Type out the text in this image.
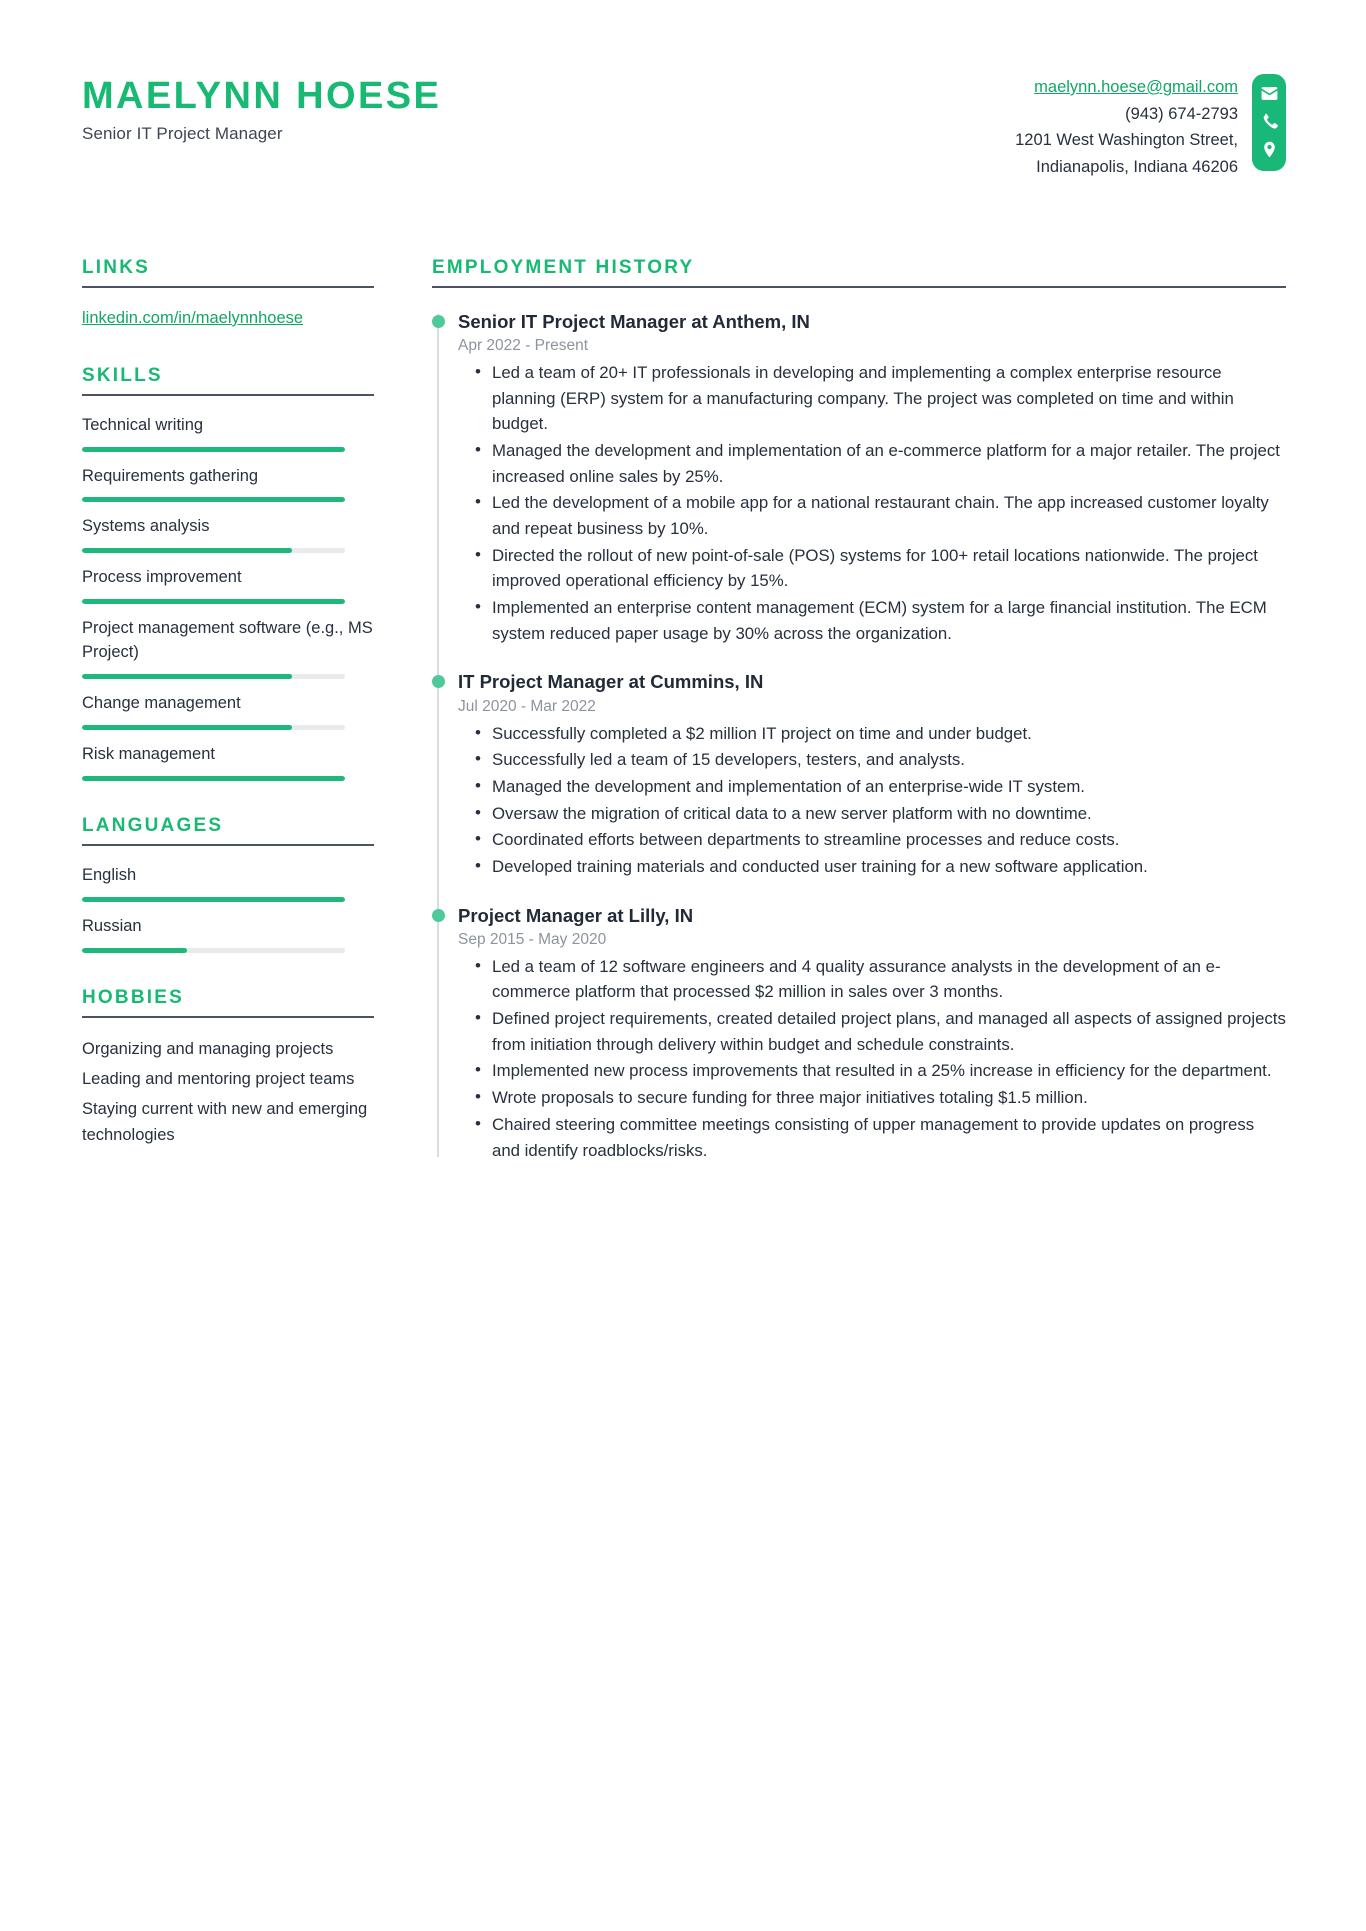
MAELYNN HOESE

Senior IT Project Manager

maelynn.hoese@gmail.com
(943) 674-2793
1201 West Washington Street,
Indianapolis, Indiana 46206
LINKS
linkedin.com/in/maelynnhoese
SKILLS
Technical writing
Requirements gathering
Systems analysis
Process improvement
Project management software (e.g., MS Project)
Change management
Risk management
LANGUAGES
English
Russian
HOBBIES
Organizing and managing projects
Leading and mentoring project teams
Staying current with new and emerging technologies
EMPLOYMENT HISTORY
Senior IT Project Manager at Anthem, IN

Apr 2022 - Present

• Led a team of 20+ IT professionals in developing and implementing a complex enterprise resource planning (ERP) system for a manufacturing company. The project was completed on time and within budget.
• Managed the development and implementation of an e-commerce platform for a major retailer. The project increased online sales by 25%.
• Led the development of a mobile app for a national restaurant chain. The app increased customer loyalty and repeat business by 10%.
• Directed the rollout of new point-of-sale (POS) systems for 100+ retail locations nationwide. The project improved operational efficiency by 15%.
• Implemented an enterprise content management (ECM) system for a large financial institution. The ECM system reduced paper usage by 30% across the organization.
IT Project Manager at Cummins, IN

Jul 2020 - Mar 2022

• Successfully completed a $2 million IT project on time and under budget.
• Successfully led a team of 15 developers, testers, and analysts.
• Managed the development and implementation of an enterprise-wide IT system.
• Oversaw the migration of critical data to a new server platform with no downtime.
• Coordinated efforts between departments to streamline processes and reduce costs.
• Developed training materials and conducted user training for a new software application.
Project Manager at Lilly, IN

Sep 2015 - May 2020

• Led a team of 12 software engineers and 4 quality assurance analysts in the development of an e-commerce platform that processed $2 million in sales over 3 months.
• Defined project requirements, created detailed project plans, and managed all aspects of assigned projects from initiation through delivery within budget and schedule constraints.
• Implemented new process improvements that resulted in a 25% increase in efficiency for the department.
• Wrote proposals to secure funding for three major initiatives totaling $1.5 million.
• Chaired steering committee meetings consisting of upper management to provide updates on progress and identify roadblocks/risks.
